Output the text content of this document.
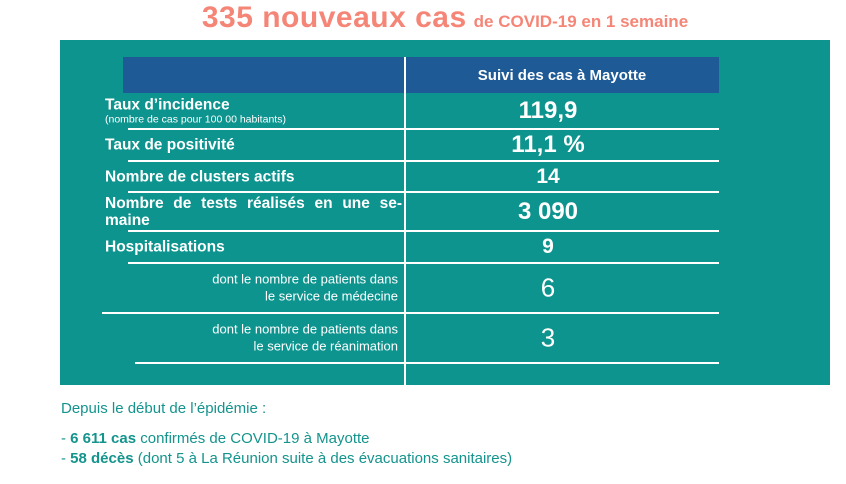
335 nouveaux cas de COVID-19 en 1 semaine
Suivi des cas à Mayotte
Taux d’incidence
(nombre de cas pour 100 00 habitants)	119,9
Taux de positivité	11,1 %
Nombre de clusters actifs	14
Nombre de tests réalisés en une se-
maine	3 090
Hospitalisations	9
dont le nombre de patients dans
le service de médecine	6
dont le nombre de patients dans
le service de réanimation	3
Depuis le début de l’épidémie :
- 6 611 cas confirmés de COVID-19 à Mayotte
- 58 décès (dont 5 à La Réunion suite à des évacuations sanitaires)
